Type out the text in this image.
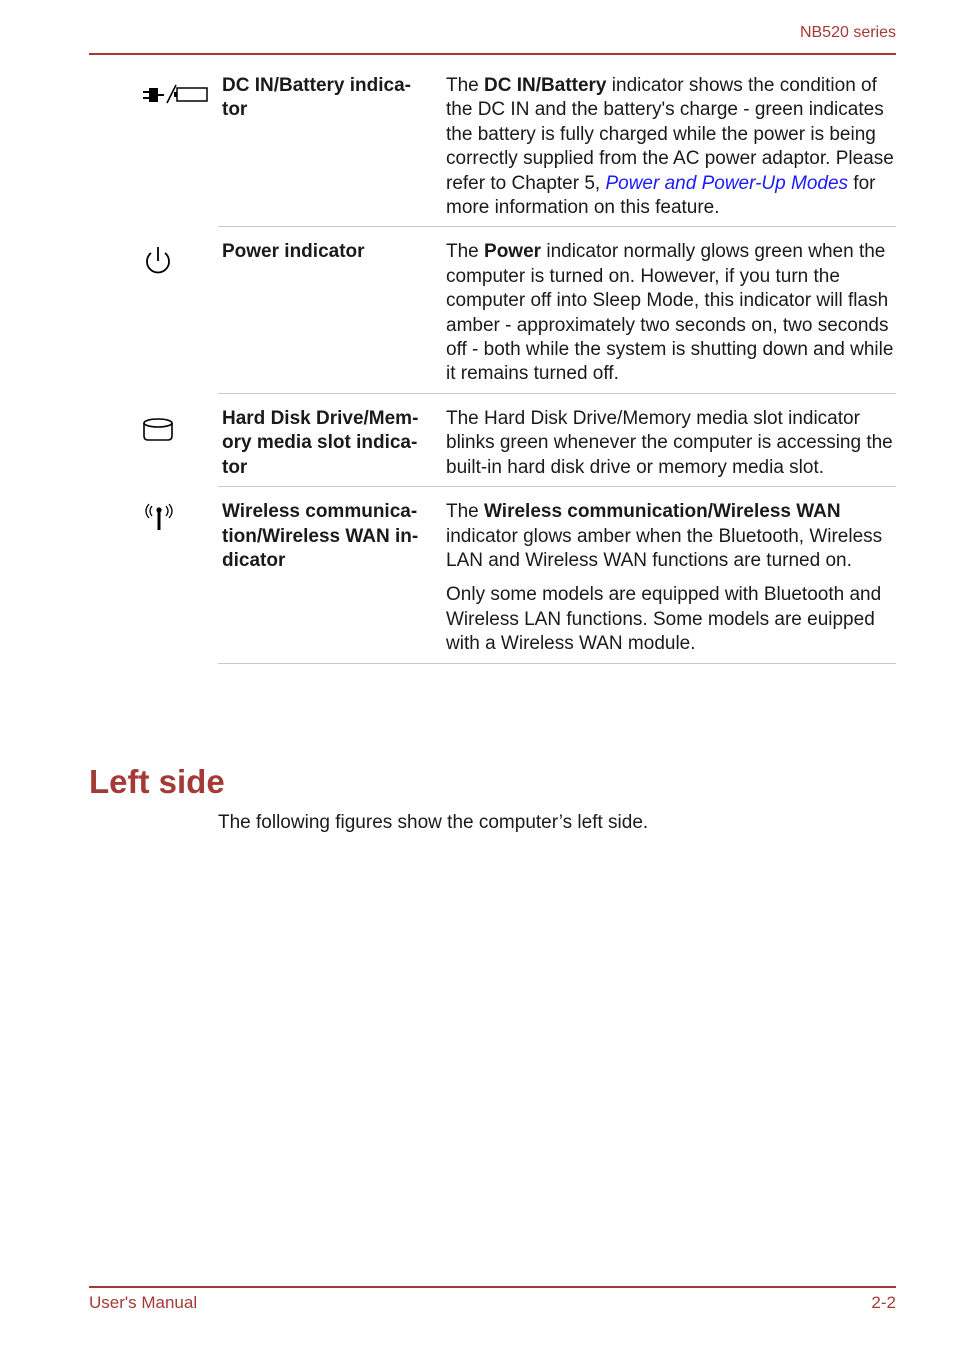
NB520 series
DC IN/Battery indica-
tor

The DC IN/Battery indicator shows the condition of the DC IN and the battery's charge - green indicates the battery is fully charged while the power is being correctly supplied from the AC power adaptor. Please refer to Chapter 5, Power and Power-Up Modes for more information on this feature.

Power indicator	The Power indicator normally glows green when the computer is turned on. However, if you turn the computer off into Sleep Mode, this indicator will flash amber - approximately two seconds on, two seconds off - both while the system is shutting down and while it remains turned off.

Hard Disk Drive/Mem-
ory media slot indica-
tor

The Hard Disk Drive/Memory media slot indicator blinks green whenever the computer is accessing the built-in hard disk drive or memory media slot.

Wireless communica-
tion/Wireless WAN in-
dicator

The Wireless communication/Wireless WAN indicator glows amber when the Bluetooth, Wireless LAN and Wireless WAN functions are turned on.

Only some models are equipped with Bluetooth and Wireless LAN functions. Some models are euipped with a Wireless WAN module.

Left side
The following figures show the computer’s left side.
User's Manual	2-2
